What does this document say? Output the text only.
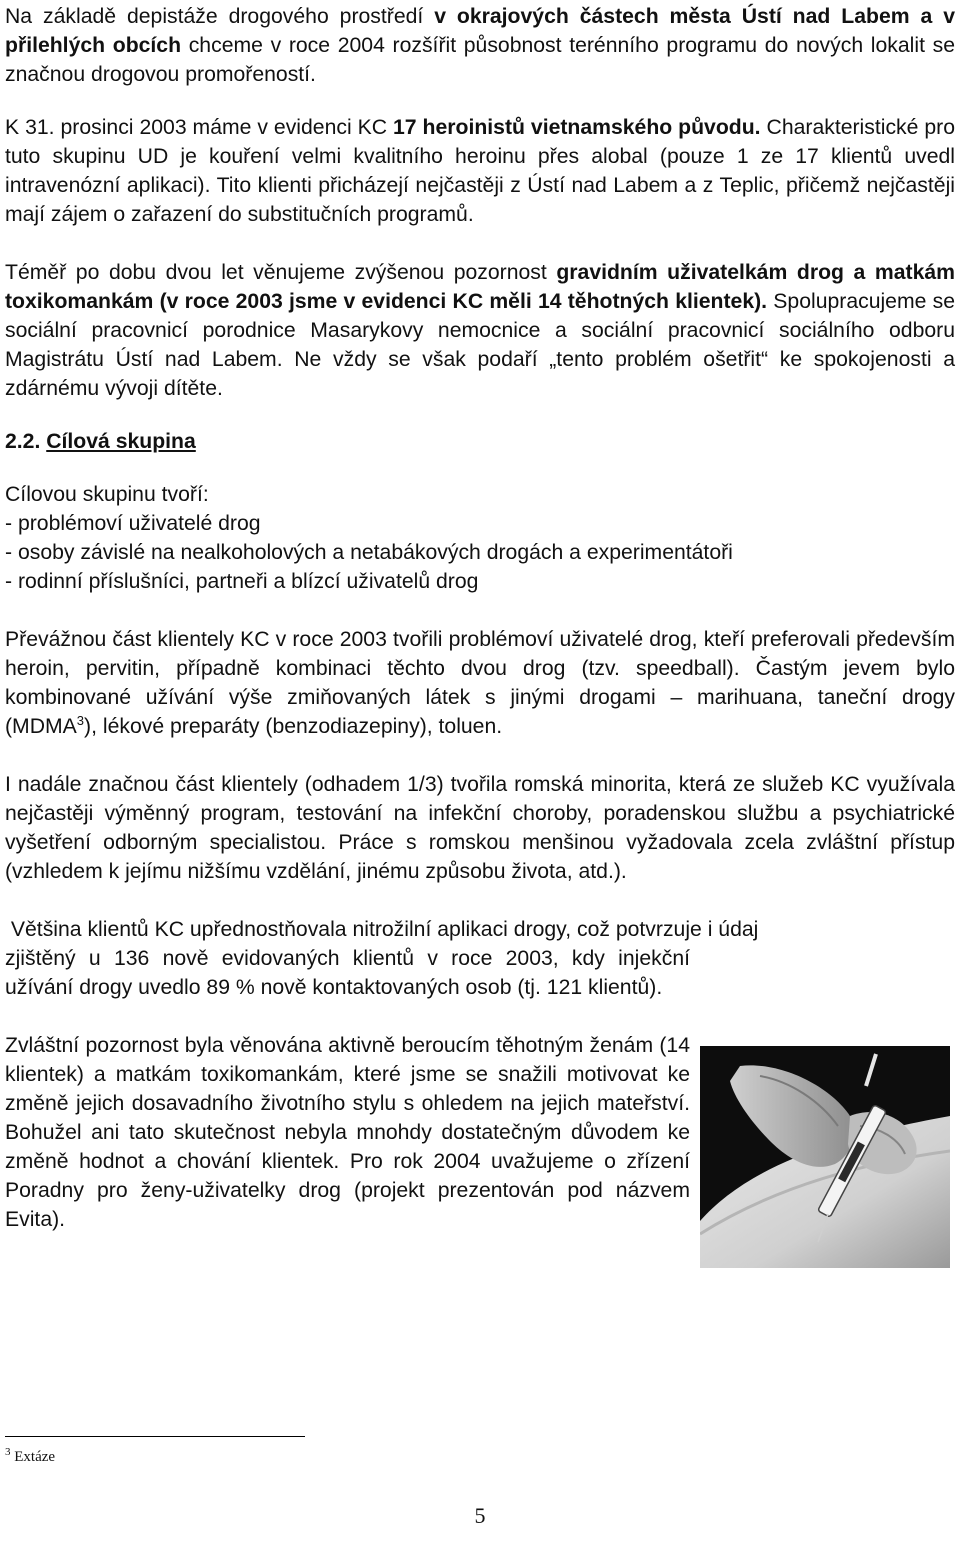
Na základě depistáže drogového prostředí v okrajových částech města Ústí nad Labem a v přilehlých obcích chceme v roce 2004 rozšířit působnost terénního programu do nových lokalit se značnou drogovou promořeností.

K 31. prosinci 2003 máme v evidenci KC 17 heroinistů vietnamského původu. Charakteristické pro tuto skupinu UD je kouření velmi kvalitního heroinu přes alobal (pouze 1 ze 17 klientů uvedl intravenózní aplikaci). Tito klienti přicházejí nejčastěji z Ústí nad Labem a z Teplic, přičemž nejčastěji mají zájem o zařazení do substitučních programů.

Téměř po dobu dvou let věnujeme zvýšenou pozornost gravidním uživatelkám drog a matkám toxikomankám (v roce 2003 jsme v evidenci KC měli 14 těhotných klientek). Spolupracujeme se sociální pracovnicí porodnice Masarykovy nemocnice a sociální pracovnicí sociálního odboru Magistrátu Ústí nad Labem. Ne vždy se však podaří „tento problém ošetřit“ ke spokojenosti a zdárnému vývoji dítěte.

2.2. Cílová skupina

Cílovou skupinu tvoří:

- problémoví uživatelé drog

- osoby závislé na nealkoholových a netabákových drogách a experimentátoři

- rodinní příslušníci, partneři a blízcí uživatelů drog

Převážnou část klientely KC v roce 2003 tvořili problémoví uživatelé drog, kteří preferovali především heroin, pervitin, případně kombinaci těchto dvou drog (tzv. speedball). Častým jevem bylo kombinované užívání výše zmiňovaných látek s jinými drogami – marihuana, taneční drogy (MDMA$^3$), lékové preparáty (benzodiazepiny), toluen.

I nadále značnou část klientely (odhadem 1/3) tvořila romská minorita, která ze služeb KC využívala nejčastěji výměnný program, testování na infekční choroby, poradenskou službu a psychiatrické vyšetření odborným specialistou. Práce s romskou menšinou vyžadovala zcela zvláštní přístup (vzhledem k jejímu nižšímu vzdělání, jinému způsobu života, atd.).

Většina klientů KC upřednostňovala nitrožilní aplikaci drogy, což potvrzuje i údaj

zjištěný u 136 nově evidovaných klientů v roce 2003, kdy injekční užívání drogy uvedlo 89 % nově kontaktovaných osob (tj. 121 klientů).

Zvláštní pozornost byla věnována aktivně beroucím těhotným ženám (14 klientek) a matkám toxikomankám, které jsme se snažili motivovat ke změně jejich dosavadního životního stylu s ohledem na jejich mateřství. Bohužel ani tato skutečnost nebyla mnohdy dostatečným důvodem ke změně hodnot a chování klientek. Pro rok 2004 uvažujeme o zřízení Poradny pro ženy-uživatelky drog (projekt prezentován pod názvem Evita).

$^3$ Extáze
5
